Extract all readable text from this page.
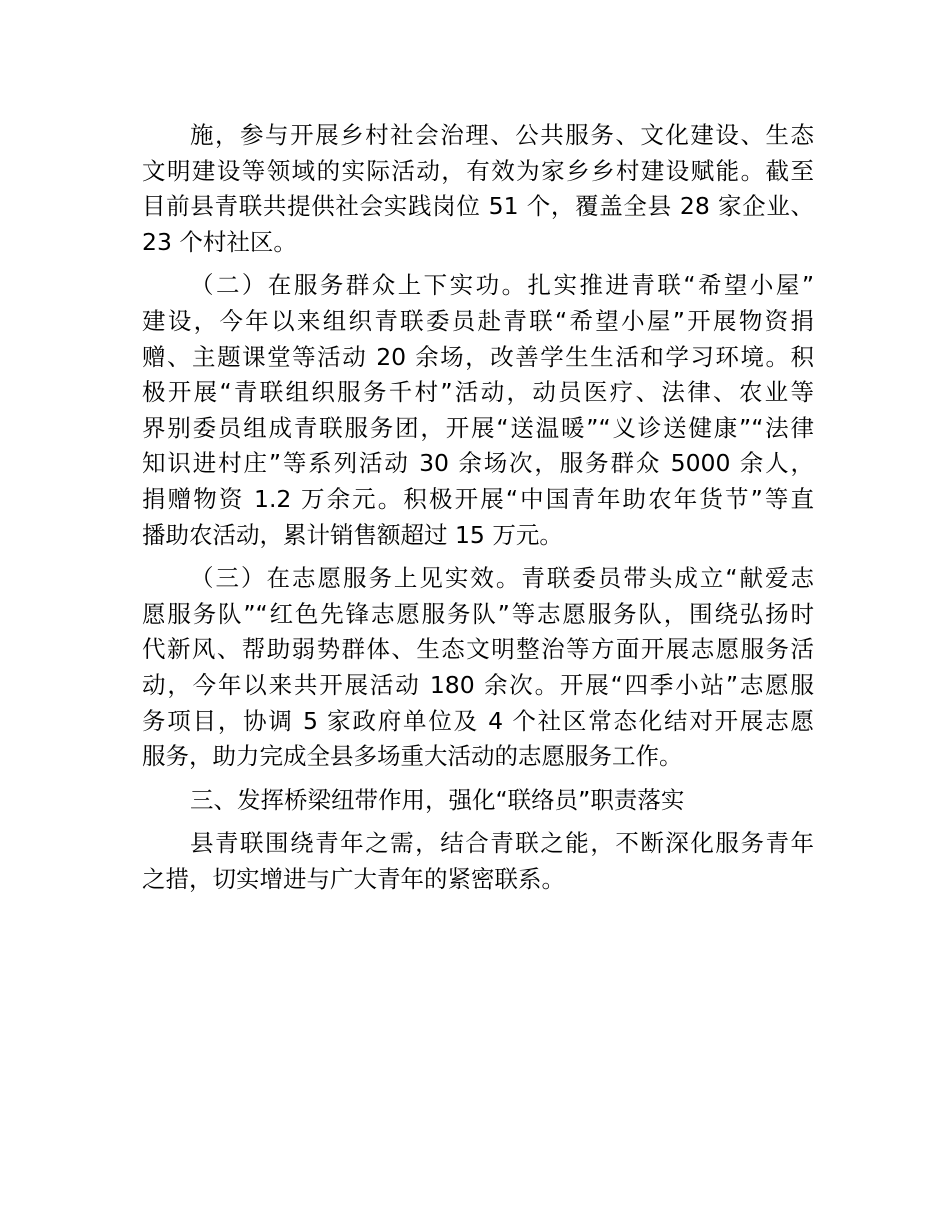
施，参与开展乡村社会治理、公共服务、文化建设、生态
文明建设等领域的实际活动，有效为家乡乡村建设赋能。截至
目前县青联共提供社会实践岗位 51 个，覆盖全县 28 家企业、
23 个村社区。

（二）在服务群众上下实功。扎实推进青联“希望小屋”
建设，今年以来组织青联委员赴青联“希望小屋”开展物资捐
赠、主题课堂等活动 20 余场，改善学生生活和学习环境。积
极开展“青联组织服务千村”活动，动员医疗、法律、农业等
界别委员组成青联服务团，开展“送温暖”“义诊送健康”“法律
知识进村庄”等系列活动 30 余场次，服务群众 5000 余人，
捐赠物资 1.2 万余元。积极开展“中国青年助农年货节”等直
播助农活动，累计销售额超过 15 万元。

（三）在志愿服务上见实效。青联委员带头成立“献爱志
愿服务队”“红色先锋志愿服务队”等志愿服务队，围绕弘扬时
代新风、帮助弱势群体、生态文明整治等方面开展志愿服务活
动，今年以来共开展活动 180 余次。开展“四季小站”志愿服
务项目，协调 5 家政府单位及 4 个社区常态化结对开展志愿
服务，助力完成全县多场重大活动的志愿服务工作。

三、发挥桥梁纽带作用，强化“联络员”职责落实

县青联围绕青年之需，结合青联之能，不断深化服务青年
之措，切实增进与广大青年的紧密联系。
